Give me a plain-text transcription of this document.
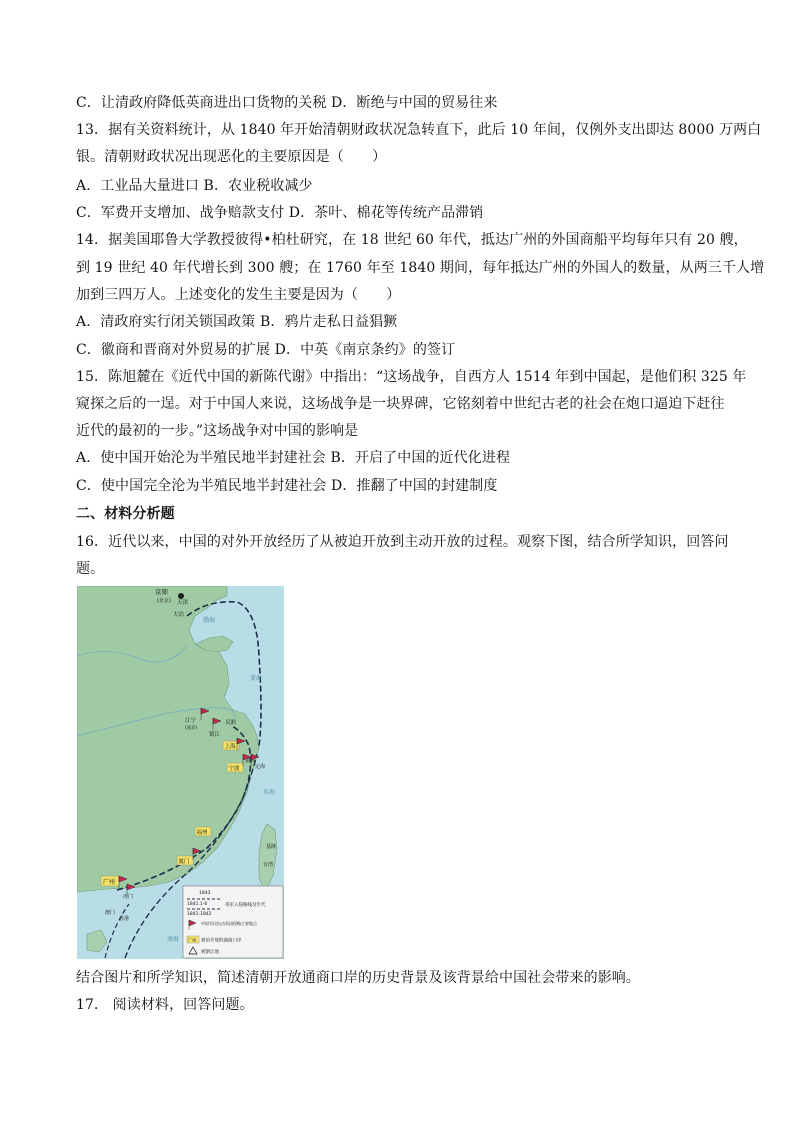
C．让清政府降低英商进出口货物的关税 D．断绝与中国的贸易往来
13．据有关资料统计，从 1840 年开始清朝财政状况急转直下，此后 10 年间，仅例外支出即达 8000 万两白
银。清朝财政状况出现恶化的主要原因是（　　）
A．工业品大量进口 B．农业税收减少
C．军费开支增加、战争赔款支付 D．茶叶、棉花等传统产品滞销
14．据美国耶鲁大学教授彼得•柏杜研究，在 18 世纪 60 年代，抵达广州的外国商船平均每年只有 20 艘，
到 19 世纪 40 年代增长到 300 艘；在 1760 年至 1840 期间，每年抵达广州的外国人的数量，从两三千人增
加到三四万人。上述变化的发生主要是因为（　　）
A．清政府实行闭关锁国政策 B．鸦片走私日益猖獗
C．徽商和晋商对外贸易的扩展 D．中英《南京条约》的签订
15．陈旭麓在《近代中国的新陈代谢》中指出：“这场战争，自西方人 1514 年到中国起，是他们积 325 年
窥探之后的一逞。对于中国人来说，这场战争是一块界碑，它铭刻着中世纪古老的社会在炮口逼迫下赶往
近代的最初的一步。”这场战争对中国的影响是
A．使中国开始沦为半殖民地半封建社会 B．开启了中国的近代化进程
C．使中国完全沦为半殖民地半封建社会 D．推翻了中国的封建制度
二、材料分析题
16．近代以来，中国的对外开放经历了从被迫开放到主动开放的过程。观察下图，结合所学知识，回答问
题。
结合图片和所学知识，简述清朝开放通商口岸的历史背景及该背景给中国社会带来的影响。
17． 阅读材料，回答问题。
京师
(北京) 天津
大沽
渤海
黄海
东海
南海
江宁
(南京)
镇江
吴淞
上海
宁波
镇海
定海
福州
厦门
基隆
台湾
广州
虎门
澳门
香港
1843
1841.1-6
1841-1842
英军入侵路线及年代
中国军民抗击英国侵略主要地点
广州 被迫开放的通商口岸
被割让地
